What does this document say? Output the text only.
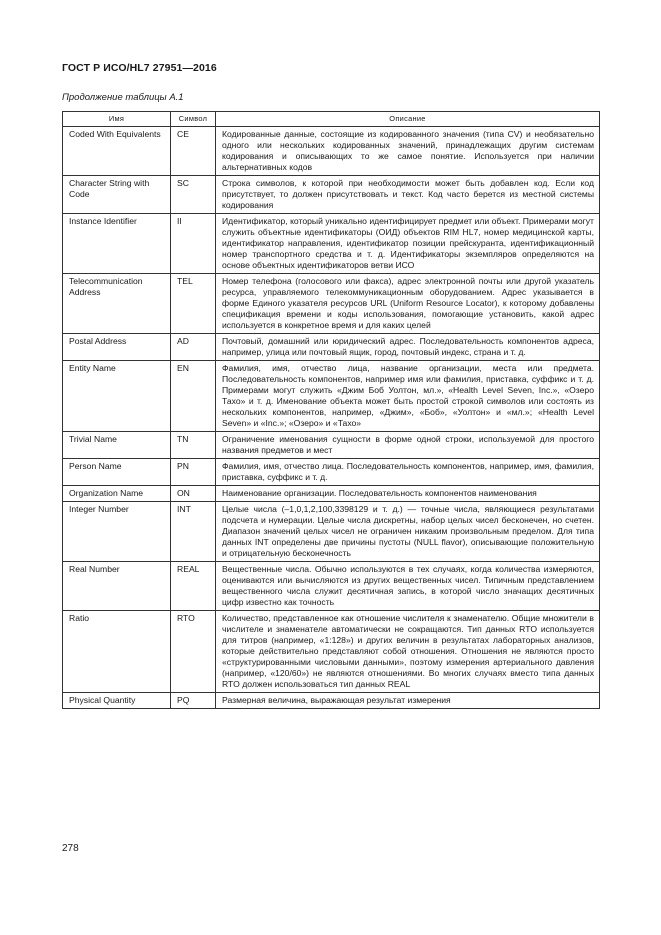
ГОСТ Р ИСО/HL7 27951—2016
Продолжение таблицы А.1
Имя	Символ	Описание
Coded With Equivalents	CE	Кодированные данные, состоящие из кодированного значения (типа CV) и необязательно одного или нескольких кодированных значений, принадлежащих другим системам кодирования и описывающих то же самое понятие. Используется при наличии альтернативных кодов
Character String with Code	SC	Строка символов, к которой при необходимости может быть добавлен код. Если код присутствует, то должен присутствовать и текст. Код часто берется из местной системы кодирования
Instance Identifier	II	Идентификатор, который уникально идентифицирует предмет или объект. Примерами могут служить объектные идентификаторы (ОИД) объектов RIM HL7, номер медицинской карты, идентификатор направления, идентификатор позиции прейскуранта, идентификационный номер транспортного средства и т. д. Идентификаторы экземпляров определяются на основе объектных идентификаторов ветви ИСО
Telecommunication Address	TEL	Номер телефона (голосового или факса), адрес электронной почты или другой указатель ресурса, управляемого телекоммуникационным оборудованием. Адрес указывается в форме Единого указателя ресурсов URL (Uniform Resource Locator), к которому добавлены спецификация времени и коды использования, помогающие установить, какой адрес используется в конкретное время и для каких целей
Postal Address	AD	Почтовый, домашний или юридический адрес. Последовательность компонентов адреса, например, улица или почтовый ящик, город, почтовый индекс, страна и т. д.
Entity Name	EN	Фамилия, имя, отчество лица, название организации, места или предмета. Последовательность компонентов, например имя или фамилия, приставка, суффикс и т. д. Примерами могут служить «Джим Боб Уолтон, мл.», «Health Level Seven, Inc.», «Озеро Тахо» и т. д. Именование объекта может быть простой строкой символов или состоять из нескольких компонентов, например, «Джим», «Боб», «Уолтон» и «мл.»; «Health Level Seven» и «Inc.»; «Озеро» и «Тахо»
Trivial Name	TN	Ограничение именования сущности в форме одной строки, используемой для простого названия предметов и мест
Person Name	PN	Фамилия, имя, отчество лица. Последовательность компонентов, например, имя, фамилия, приставка, суффикс и т. д.
Organization Name	ON	Наименование организации. Последовательность компонентов наименования
Integer Number	INT	Целые числа (–1,0,1,2,100,3398129 и т. д.) — точные числа, являющиеся результатами подсчета и нумерации. Целые числа дискретны, набор целых чисел бесконечен, но счетен. Диапазон значений целых чисел не ограничен никаким произвольным пределом. Для типа данных INT определены две причины пустоты (NULL flavor), описывающие положительную и отрицательную бесконечность
Real Number	REAL	Вещественные числа. Обычно используются в тех случаях, когда количества измеряются, оцениваются или вычисляются из других вещественных чисел. Типичным представлением вещественного числа служит десятичная запись, в которой число значащих десятичных цифр известно как точность
Ratio	RTO	Количество, представленное как отношение числителя к знаменателю. Общие множители в числителе и знаменателе автоматически не сокращаются. Тип данных RTO используется для титров (например, «1:128») и других величин в результатах лабораторных анализов, которые действительно представляют собой отношения. Отношения не являются просто «структурированными числовыми данными», поэтому измерения артериального давления (например, «120/60») не являются отношениями. Во многих случаях вместо типа данных RTO должен использоваться тип данных REAL
Physical Quantity	PQ	Размерная величина, выражающая результат измерения
278
